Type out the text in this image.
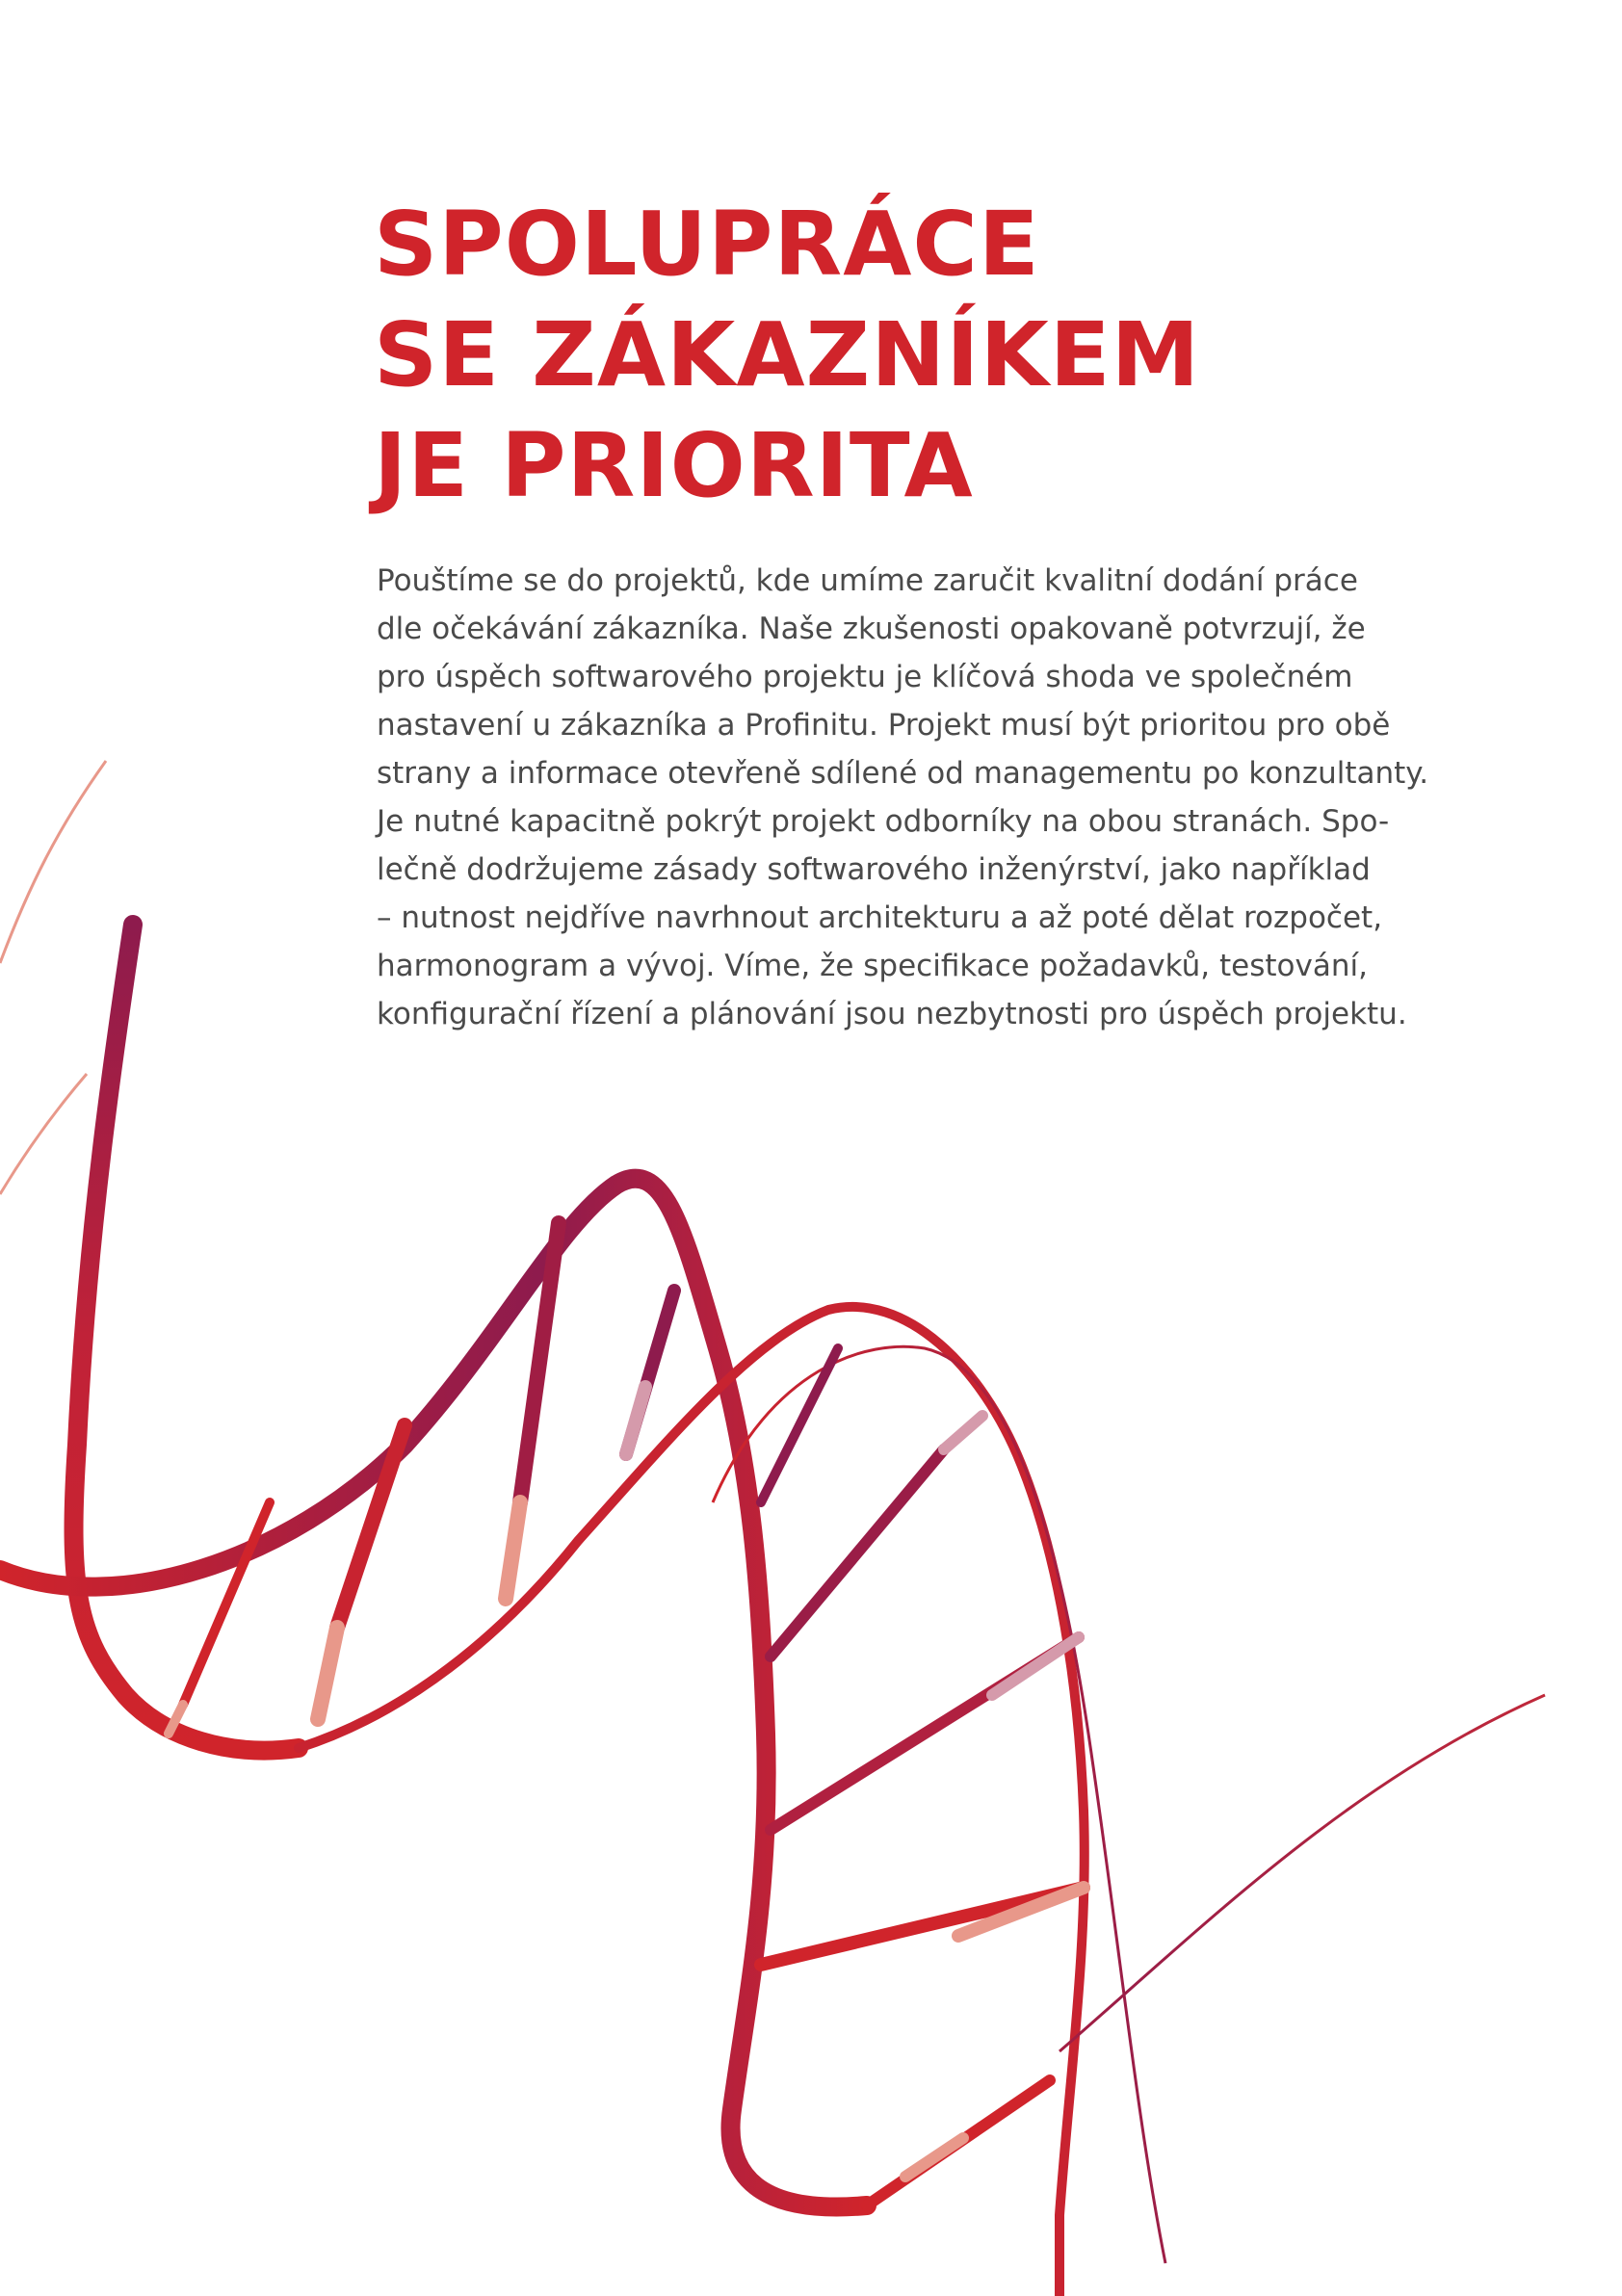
SPOLUPRÁCE
SE ZÁKAZNÍKEM
JE PRIORITA

Pouštíme se do projektů, kde umíme zaručit kvalitní dodání práce
dle očekávání zákazníka. Naše zkušenosti opakovaně potvrzují, že
pro úspěch softwarového projektu je klíčová shoda ve společném
nastavení u zákazníka a Profinitu. Projekt musí být prioritou pro obě
strany a informace otevřeně sdílené od managementu po konzultanty.
Je nutné kapacitně pokrýt projekt odborníky na obou stranách. Spo-
lečně dodržujeme zásady softwarového inženýrství, jako například
– nutnost nejdříve navrhnout architekturu a až poté dělat rozpočet,
harmonogram a vývoj. Víme, že specifikace požadavků, testování,
konfigurační řízení a plánování jsou nezbytnosti pro úspěch projektu.
